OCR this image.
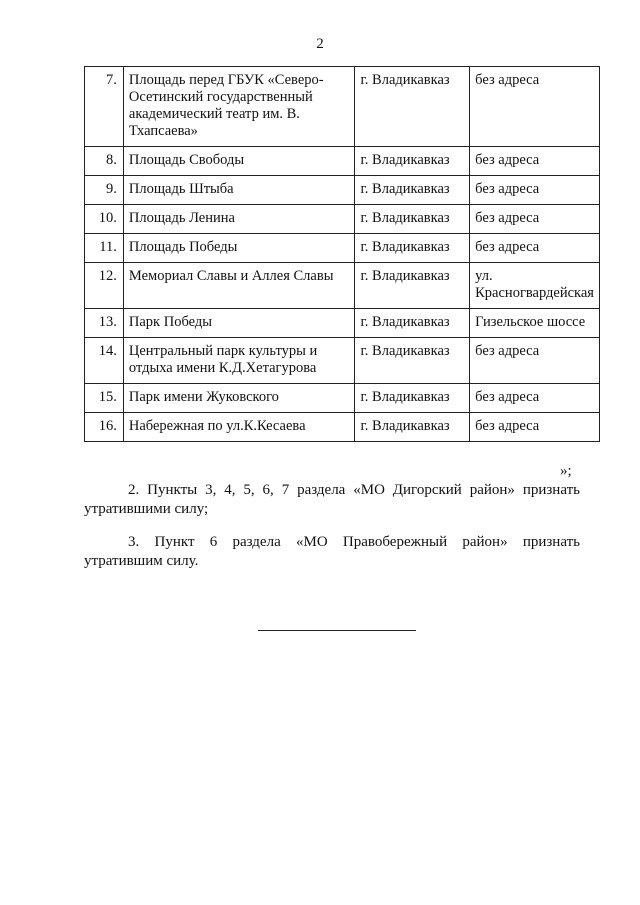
2
7.	Площадь перед ГБУК «Северо-Осетинский государственный академический театр им. В. Тхапсаева»	г. Владикавказ	без адреса
8.	Площадь Свободы	г. Владикавказ	без адреса
9.	Площадь Штыба	г. Владикавказ	без адреса
10.	Площадь Ленина	г. Владикавказ	без адреса
11.	Площадь Победы	г. Владикавказ	без адреса
12.	Мемориал Славы и Аллея Славы	г. Владикавказ	ул. Красногвардейская
13.	Парк Победы	г. Владикавказ	Гизельское шоссе
14.	Центральный парк культуры и отдыха имени К.Д.Хетагурова	г. Владикавказ	без адреса
15.	Парк имени Жуковского	г. Владикавказ	без адреса
16.	Набережная по ул.К.Кесаева	г. Владикавказ	без адреса
»;
2. Пункты 3, 4, 5, 6, 7 раздела «МО Дигорский район» признать
утратившими силу;
3. Пункт 6 раздела «МО Правобережный район» признать
утратившим силу.
